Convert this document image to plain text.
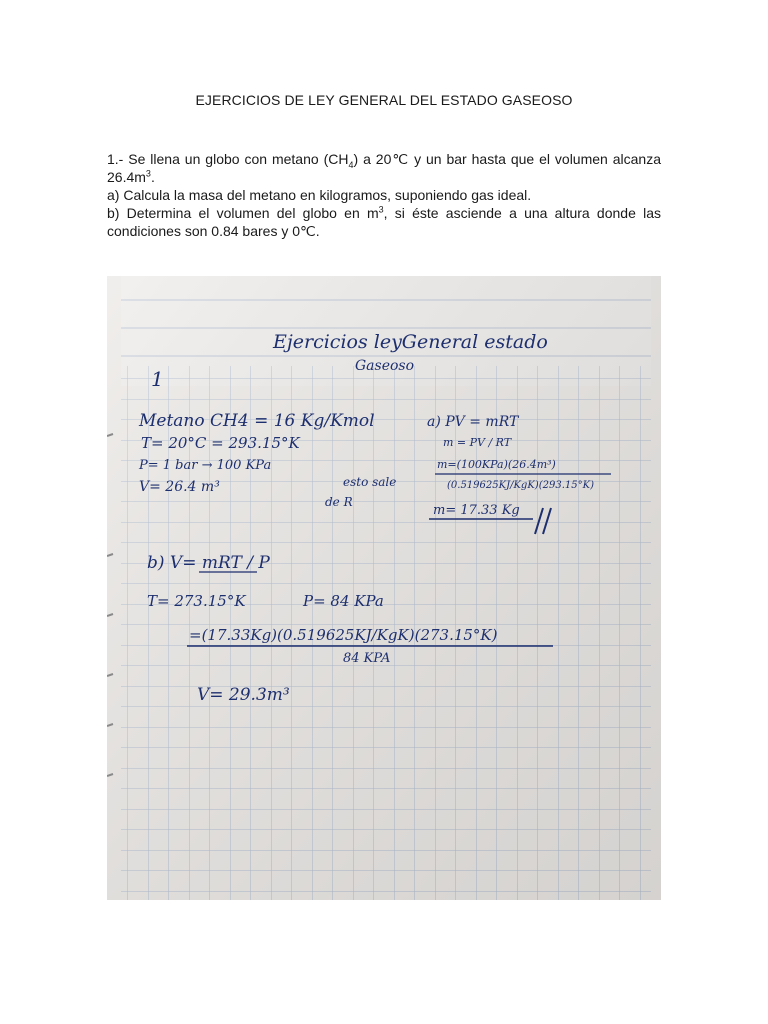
EJERCICIOS DE LEY GENERAL DEL ESTADO GASEOSO

1.- Se llena un globo con metano $(CH_4)$ a 20℃ y un bar hasta que el volumen alcanza $26.4m^3$.

a) Calcula la masa del metano en kilogramos, suponiendo gas ideal.

b) Determina el volumen del globo en $m^3$, si éste asciende a una altura donde las condiciones son 0.84 bares y 0℃.

Ejercicios leyGeneral estado
Gaseoso
1
Metano CH4 = 16 Kg/Kmol
T= 20°C = 293.15°K
P= 1 bar → 100 KPa
V= 26.4 m³
a) PV = mRT
m = PV / RT
m=(100KPa)(26.4m³)
(0.519625KJ/KgK)(293.15°K)
esto sale
de R
m= 17.33 Kg
b) V= mRT / P
T= 273.15°K	P= 84 KPa
=(17.33Kg)(0.519625KJ/KgK)(273.15°K)
84 KPA
V= 29.3m³
